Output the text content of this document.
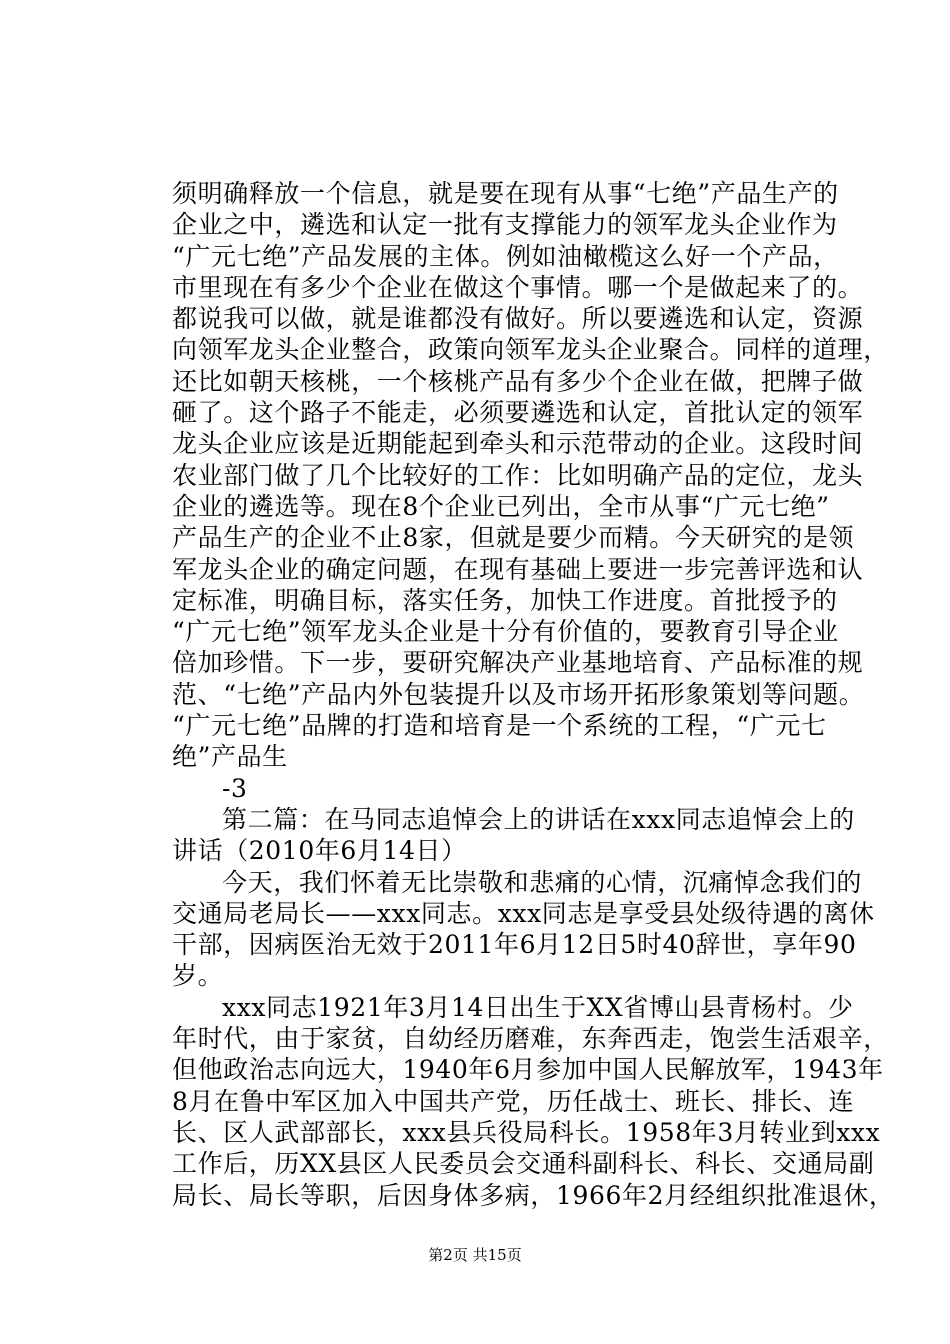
须明确释放一个信息，就是要在现有从事“七绝”产品生产的
企业之中，遴选和认定一批有支撑能力的领军龙头企业作为
“广元七绝”产品发展的主体。例如油橄榄这么好一个产品，
市里现在有多少个企业在做这个事情。哪一个是做起来了的。
都说我可以做，就是谁都没有做好。所以要遴选和认定，资源
向领军龙头企业整合，政策向领军龙头企业聚合。同样的道理，
还比如朝天核桃，一个核桃产品有多少个企业在做，把牌子做
砸了。这个路子不能走，必须要遴选和认定，首批认定的领军
龙头企业应该是近期能起到牵头和示范带动的企业。这段时间
农业部门做了几个比较好的工作：比如明确产品的定位，龙头
企业的遴选等。现在8个企业已列出，全市从事“广元七绝”
产品生产的企业不止8家，但就是要少而精。今天研究的是领
军龙头企业的确定问题，在现有基础上要进一步完善评选和认
定标准，明确目标，落实任务，加快工作进度。首批授予的
“广元七绝”领军龙头企业是十分有价值的，要教育引导企业
倍加珍惜。下一步，要研究解决产业基地培育、产品标准的规
范、“七绝”产品内外包装提升以及市场开拓形象策划等问题。
“广元七绝”品牌的打造和培育是一个系统的工程，“广元七
绝”产品生
-3
第二篇：在马同志追悼会上的讲话在xxx同志追悼会上的
讲话（2010年6月14日）
今天，我们怀着无比崇敬和悲痛的心情，沉痛悼念我们的
交通局老局长——xxx同志。xxx同志是享受县处级待遇的离休
干部，因病医治无效于2011年6月12日5时40辞世，享年90
岁。
xxx同志1921年3月14日出生于XX省博山县青杨村。少
年时代，由于家贫，自幼经历磨难，东奔西走，饱尝生活艰辛，
但他政治志向远大，1940年6月参加中国人民解放军，1943年
8月在鲁中军区加入中国共产党，历任战士、班长、排长、连
长、区人武部部长，xxx县兵役局科长。1958年3月转业到xxx
工作后，历XX县区人民委员会交通科副科长、科长、交通局副
局长、局长等职，后因身体多病，1966年2月经组织批准退休，
第2页 共15页
